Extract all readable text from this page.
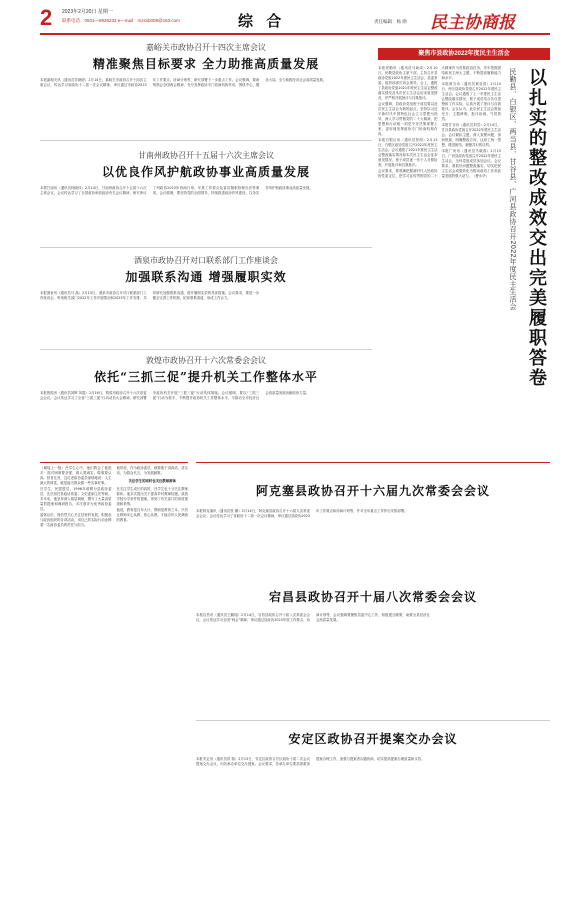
2 2023年2月20日 星期一
联系电话：0931—8926232 e—mail：mzsxb008@163.com	综 合	责任编辑：杨 勋 民主协商报
嘉峪关市政协召开十四次主席会议
精准聚焦目标要求 全力助推高质量发展

本报嘉峪关讯（通讯员苏婉婷）2月14日，嘉峪关市政协召开十四次主席会议，传达学习省政协十二届一次会议精神，审议通过市政协2023年工作要点、协商计划等，研究部署下一步重点工作。会议强调，要深刻领会全国两会精神，充分发挥政协专门协商机构作用，围绕中心、服务大局，全力助推经济社会高质量发展。

甘南州政协召开十五届十六次主席会议
以优良作风护航政协事业高质量发展

本报甘南讯（通讯员杨晓伟）2月14日，甘南州政协召开十五届十六次主席会议，会议传达学习了全国政协和省政协有关会议精神，研究审议了州政协2023年协商计划、年度工作要点及委员履职管理办法等事项。会议强调，要坚持党的全面领导，持续推进政协作风建设，以务实作风护航政协事业高质量发展。

酒泉市政协召开对口联系部门工作座谈会
加强联系沟通 增强履职实效

本报酒泉讯（通讯员马 晶）2月13日，酒泉市政协召开对口联系部门工作座谈会，听取相关部门2022年工作开展情况和2023年工作安排，共同研究加强联系沟通、提升履职实效的具体措施。会议要求，要进一步健全完善工作机制，拓宽联系渠道，形成工作合力。

敦煌市政协召开十六次常委会会议
依托“三抓三促”提升机关工作整体水平

本报敦煌讯（通讯员刘辉 刘霞）2月16日，敦煌市政协召开十六次常委会会议，会议传达学习了全省“三抓三促”行动动员大会精神，研究部署市政协机关开展“三抓三促”行动具体措施。会议强调，要以“三抓三促”行动为抓手，不断提升政协机关工作整体水平，为推动全市经济社会高质量发展贡献政协力量。

聚焦市县政协2022年度民主生活会

本报民勤讯（通讯员马新成）2月10日，民勤县政协主席干部，主持召开县政协党组2022年度民主生活会，县委常委、组织部部长到会指导。会上，通报了县政协党组2021年度民主生活会整改落实情况及本次民主生活会征求意见情况，并严格开展批评与自我批评。

会议强调，县政协党组班子成员要以此次民主生活会为新的起点，坚持以习近平新时代中国特色社会主义思想为指导，深入学习贯彻党的二十大精神，把思想和行动统一到党中央决策部署上来，更好地发挥政协专门协商机构作用。

本报白银区讯（通讯员张明）2月13日，白银区政协党组召开2022年度民主生活会。会议通报了2021年度民主生活会整改落实情况和本次民主生活会征求意见情况，班子成员逐一作个人对照检查，开展批评和自我批评。

会议要求，要准确把握新时代人民政协的性质定位，把学习宣传贯彻党的二十大精神作为首要政治任务，牢牢把握团结和民主两大主题，不断提高履职能力和水平。

本报两当讯（通讯员黄亚清）2月15日，两当县政协党组召开2022年度民主生活会。会议通报了上一年度民主生活会整改落实情况，班子成员结合各自思想和工作实际，认真开展了批评与自我批评。会议认为，此次民主生活会准备充分、主题鲜明、批评坦诚、气氛热烈。

本报甘谷讯（通讯员刘雪）2月14日，甘谷县政协党组召开2022年度民主生活会。会议紧扣主题，深入查摆问题，剖析根源，明确整改方向，达到了统一思想、增进团结、凝聚共识的目的。

本报广河讯（通讯员马晓春）2月15日，广河县政协党组召开2022年度民主生活会，全体党组成员参加会议。会议要求，要抓好问题整改落实，切实把民主生活会成果转化为推动政协工作高质量发展的强大动力。（曹永华）	民勤县、白银区、两当县、甘谷县、广河县政协召开2022年度民主生活会 以扎实的整改成效交出完美履职答卷

（紧接上一版）吕学生心中，他们教会了他很多：面对困难要坚强，做人要诚实，做事要认真。回首往昔，这位老政协委员深情地说：人生最大的财富，就是能为群众做一些实事好事。

吕学生，民盟盟员，1996年被聘为县政协委员，先后担任县政协常委、文史委副主任等职。多年来，他坚持深入基层调研，撰写了大量高质量的提案和调研报告，多次被评为优秀政协委员。

退休以后，他仍然关心关注县里的发展，积极参与政协组织的各项活动，用自己的实际行动诠释着一名政协委员的责任与担当。

他常说，作为政协委员，就要敢于讲真话、讲实话，为群众代言，为发展献策。

关注学生的同时也关注教师群体

在关注学生成长的同时，吕学生也十分关注教师群体。他多次提出关于提高乡村教师待遇、改善学校办学条件的提案，得到了有关部门的高度重视和采纳。

他说，教育是百年大计，教师是教育之本，只有让教师安心从教、热心从教，才能办好人民满意的教育。

阿克塞县政协召开十六届九次常委会会议

本报阿克塞讯（通讯员张 鹏）2月14日，阿克塞县政协召开十六届九次常委会会议。会议传达学习了省政协十二届一次会议精神，审议通过县政协2023年工作要点和协商计划等，并对全年重点工作作出安排部署。

宕昌县政协召开十届八次常委会会议

本报宕昌讯（通讯员王鹏翔）2月14日，宕昌县政协召开十届八次常委会会议，会议传达学习全国“两会”精神，审议通过县政协2023年度工作要点、协商计划等，会议强调要聚焦县委中心工作，积极建言献策，助推全县经济社会高质量发展。

安定区政协召开提案交办会议

本报安定讯（通讯员常 瑞）2月15日，安定区政协召开区政协十届二次会议提案交办会议，向各承办单位交办提案。会议要求，各承办单位要高度重视提案办理工作，加强与提案者沟通协商，切实提高提案办理质量和实效。
